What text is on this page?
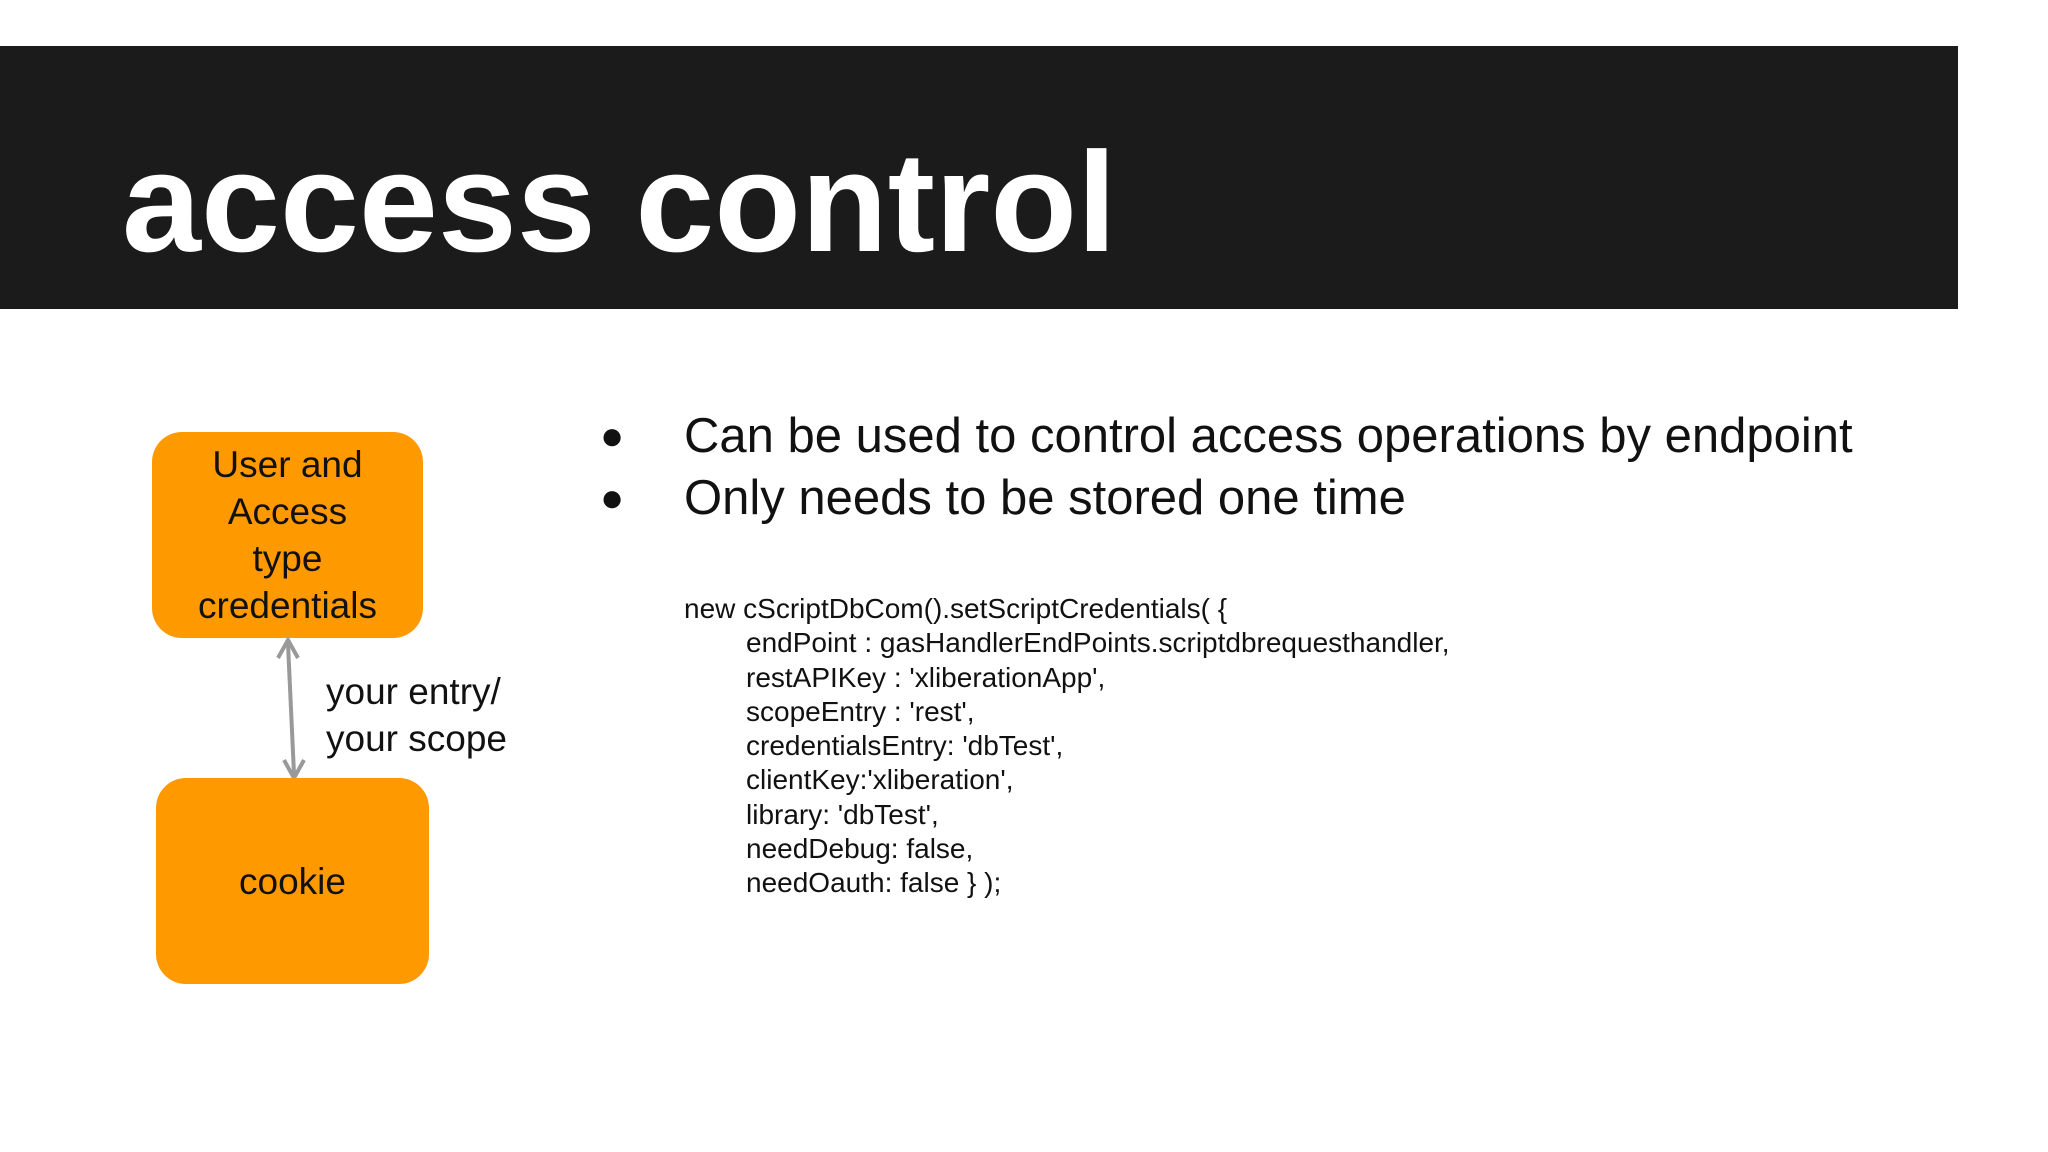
access control
User and
Access
type
credentials
your entry/
your scope
cookie
● Can be used to control access operations by endpoint
● Only needs to be stored one time
new cScriptDbCom().setScriptCredentials( {
endPoint : gasHandlerEndPoints.scriptdbrequesthandler,
restAPIKey : 'xliberationApp',
scopeEntry : 'rest',
credentialsEntry: 'dbTest',
clientKey:'xliberation',
library: 'dbTest',
needDebug: false,
needOauth: false } );
